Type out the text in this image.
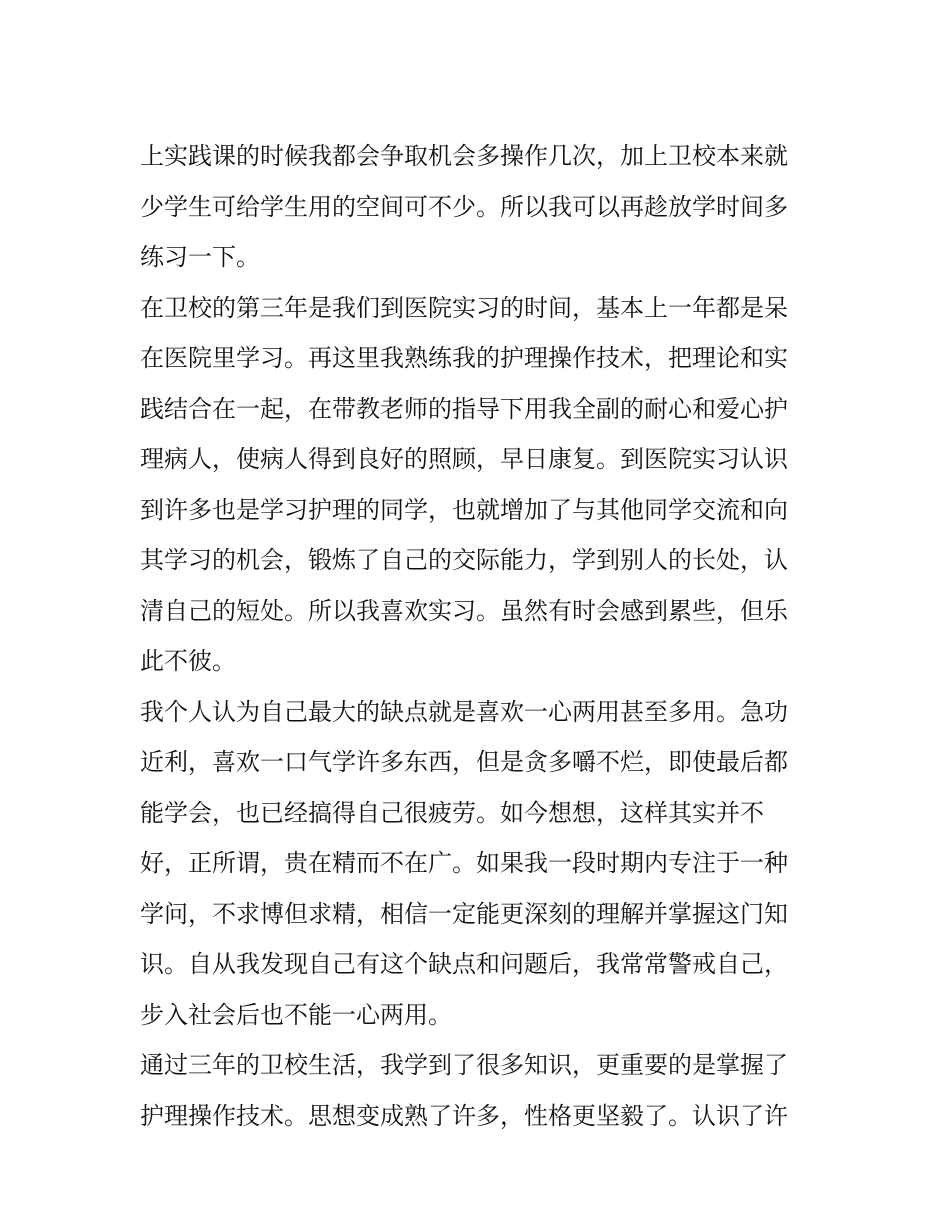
上实践课的时候我都会争取机会多操作几次，加上卫校本来就
少学生可给学生用的空间可不少。所以我可以再趁放学时间多
练习一下。
在卫校的第三年是我们到医院实习的时间，基本上一年都是呆
在医院里学习。再这里我熟练我的护理操作技术，把理论和实
践结合在一起，在带教老师的指导下用我全副的耐心和爱心护
理病人，使病人得到良好的照顾，早日康复。到医院实习认识
到许多也是学习护理的同学，也就增加了与其他同学交流和向
其学习的机会，锻炼了自己的交际能力，学到别人的长处，认
清自己的短处。所以我喜欢实习。虽然有时会感到累些，但乐
此不彼。
我个人认为自己最大的缺点就是喜欢一心两用甚至多用。急功
近利，喜欢一口气学许多东西，但是贪多嚼不烂，即使最后都
能学会，也已经搞得自己很疲劳。如今想想，这样其实并不
好，正所谓，贵在精而不在广。如果我一段时期内专注于一种
学问，不求博但求精，相信一定能更深刻的理解并掌握这门知
识。自从我发现自己有这个缺点和问题后，我常常警戒自己，
步入社会后也不能一心两用。
通过三年的卫校生活，我学到了很多知识，更重要的是掌握了
护理操作技术。思想变成熟了许多，性格更坚毅了。认识了许
